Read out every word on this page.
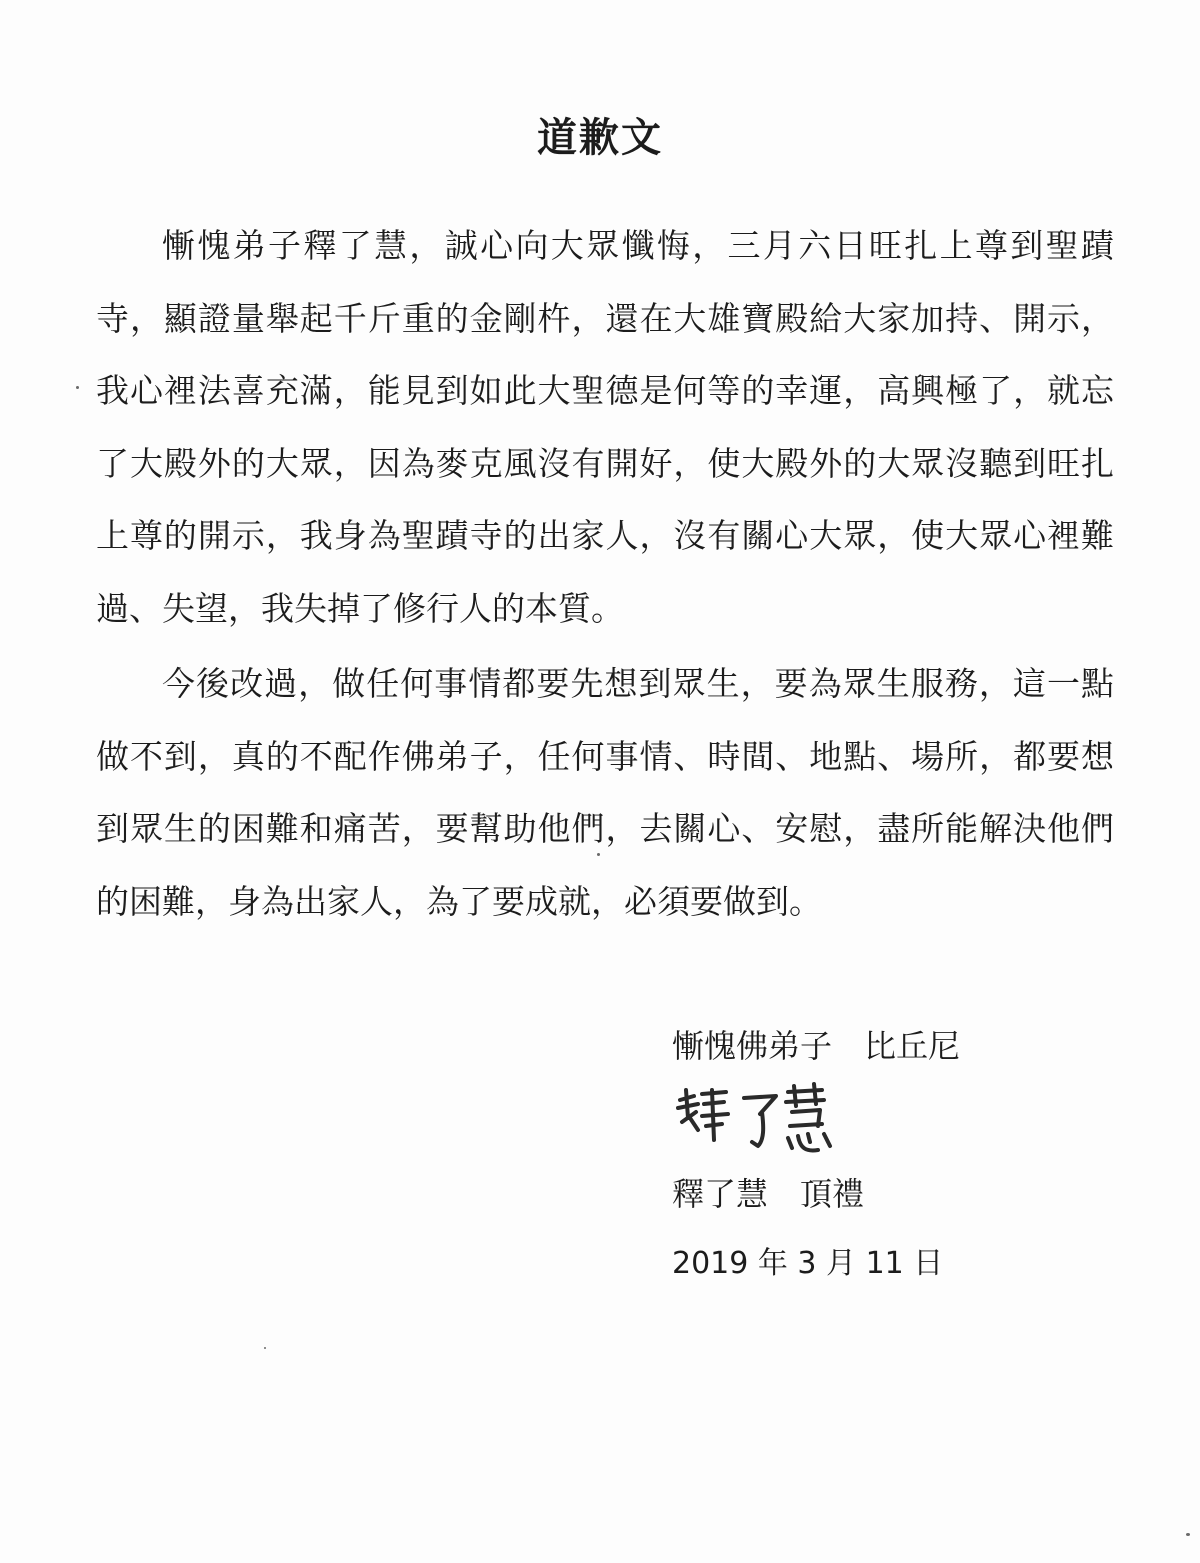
道歉文

慚愧弟子釋了慧，誠心向大眾懺悔，三月六日旺扎上尊到聖蹟寺，顯證量舉起千斤重的金剛杵，還在大雄寶殿給大家加持、開示，我心裡法喜充滿，能見到如此大聖德是何等的幸運，高興極了，就忘了大殿外的大眾，因為麥克風沒有開好，使大殿外的大眾沒聽到旺扎上尊的開示，我身為聖蹟寺的出家人，沒有關心大眾，使大眾心裡難過、失望，我失掉了修行人的本質。

今後改過，做任何事情都要先想到眾生，要為眾生服務，這一點做不到，真的不配作佛弟子，任何事情、時間、地點、場所，都要想到眾生的困難和痛苦，要幫助他們，去關心、安慰，盡所能解決他們的困難，身為出家人，為了要成就，必須要做到。

慚愧佛弟子　比丘尼
釋了慧　頂禮
2019 年 3 月 11 日
